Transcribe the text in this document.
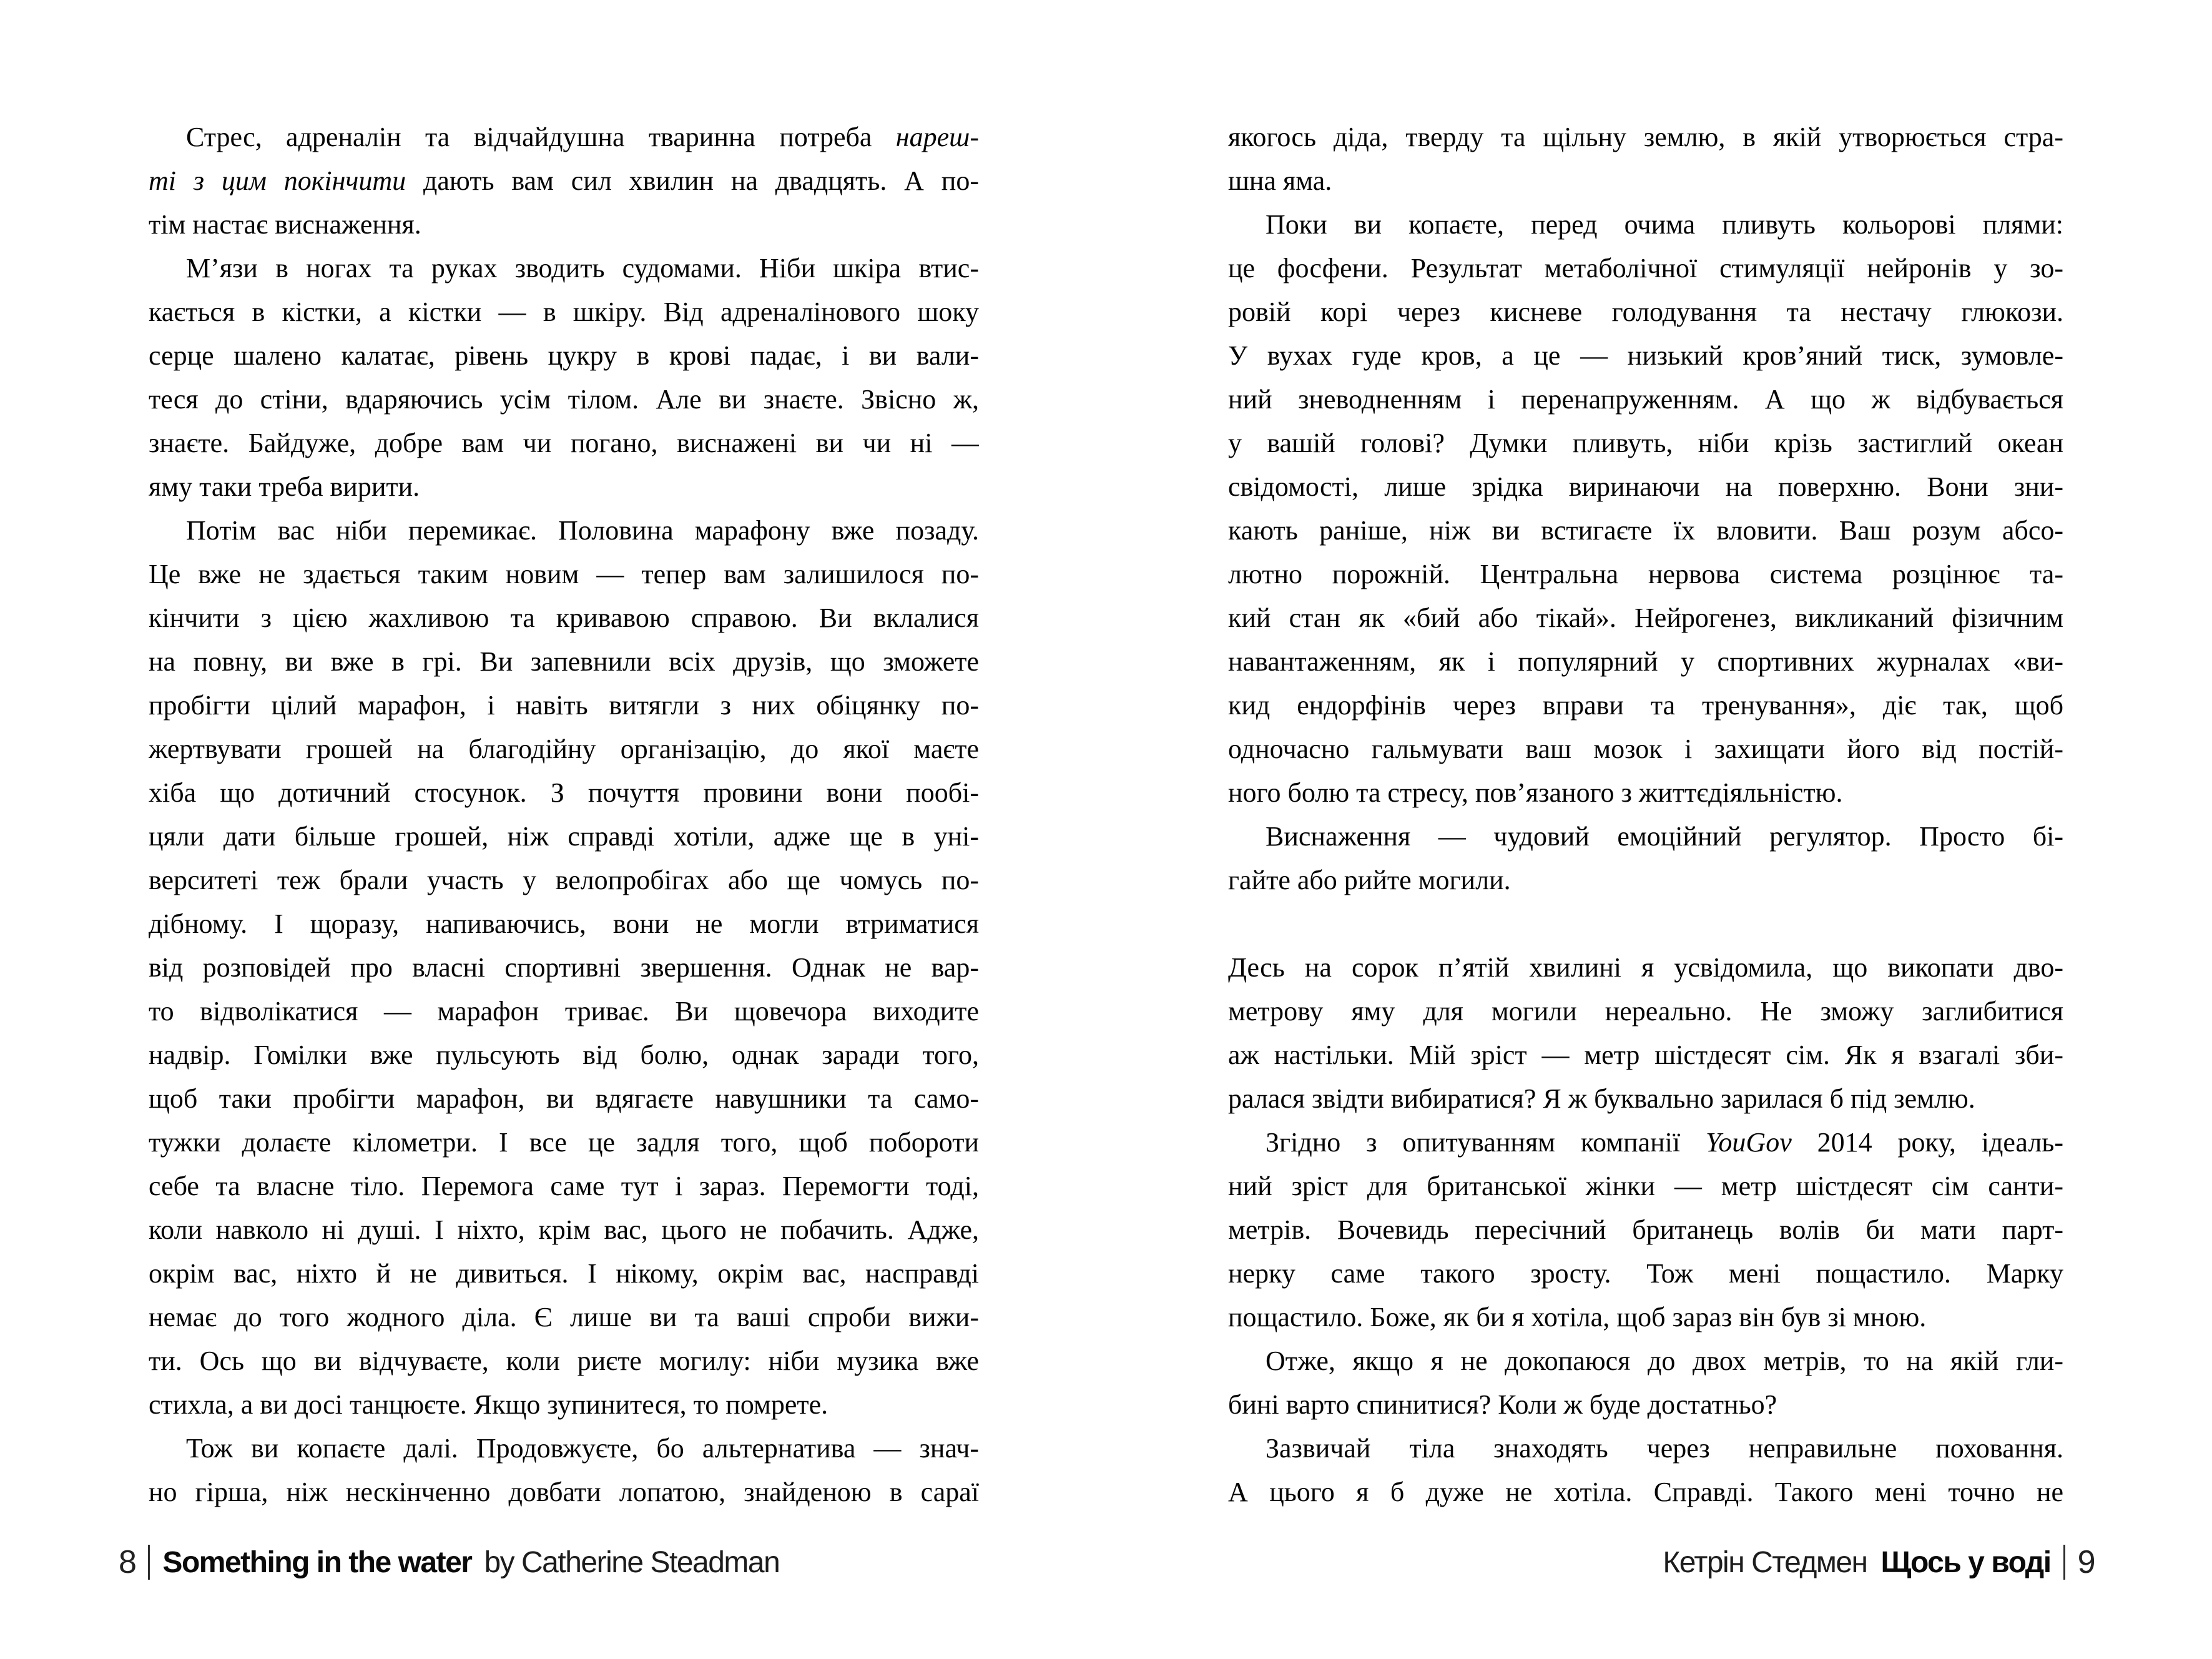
Стрес, адреналін та відчайдушна тваринна потреба нареш-
ті з цим покінчити дають вам сил хвилин на двадцять. А по-
тім настає виснаження.
М’язи в ногах та руках зводить судомами. Ніби шкіра втис-
кається в кістки, а кістки — в шкіру. Від адреналінового шоку
серце шалено калатає, рівень цукру в крові падає, і ви вали-
теся до стіни, вдаряючись усім тілом. Але ви знаєте. Звісно ж,
знаєте. Байдуже, добре вам чи погано, виснажені ви чи ні —
яму таки треба вирити.
Потім вас ніби перемикає. Половина марафону вже позаду.
Це вже не здається таким новим — тепер вам залишилося по-
кінчити з цією жахливою та кривавою справою. Ви вклалися
на повну, ви вже в грі. Ви запевнили всіх друзів, що зможете
пробігти цілий марафон, і навіть витягли з них обіцянку по-
жертвувати грошей на благодійну організацію, до якої маєте
хіба що дотичний стосунок. З почуття провини вони пообі-
цяли дати більше грошей, ніж справді хотіли, адже ще в уні-
верситеті теж брали участь у велопробігах або ще чомусь по-
дібному. І щоразу, напиваючись, вони не могли втриматися
від розповідей про власні спортивні звершення. Однак не вар-
то відволікатися — марафон триває. Ви щовечора виходите
надвір. Гомілки вже пульсують від болю, однак заради того,
щоб таки пробігти марафон, ви вдягаєте навушники та само-
тужки долаєте кілометри. І все це задля того, щоб побороти
себе та власне тіло. Перемога саме тут і зараз. Перемогти тоді,
коли навколо ні душі. І ніхто, крім вас, цього не побачить. Адже,
окрім вас, ніхто й не дивиться. І нікому, окрім вас, насправді
немає до того жодного діла. Є лише ви та ваші спроби вижи-
ти. Ось що ви відчуваєте, коли риєте могилу: ніби музика вже
стихла, а ви досі танцюєте. Якщо зупинитеся, то помрете.
Тож ви копаєте далі. Продовжуєте, бо альтернатива — знач-
но гірша, ніж нескінченно довбати лопатою, знайденою в сараї
8 Something in the water by Catherine Steadman
якогось діда, тверду та щільну землю, в якій утворюється стра-
шна яма.
Поки ви копаєте, перед очима пливуть кольорові плями:
це фосфени. Результат метаболічної стимуляції нейронів у зо-
ровій корі через кисневе голодування та нестачу глюкози.
У вухах гуде кров, а це — низький кров’яний тиск, зумовле-
ний зневодненням і перенапруженням. А що ж відбувається
у вашій голові? Думки пливуть, ніби крізь застиглий океан
свідомості, лише зрідка виринаючи на поверхню. Вони зни-
кають раніше, ніж ви встигаєте їх вловити. Ваш розум абсо-
лютно порожній. Центральна нервова система розцінює та-
кий стан як «бий або тікай». Нейрогенез, викликаний фізичним
навантаженням, як і популярний у спортивних журналах «ви-
кид ендорфінів через вправи та тренування», діє так, щоб
одночасно гальмувати ваш мозок і захищати його від постій-
ного болю та стресу, пов’язаного з життєдіяльністю.
Виснаження — чудовий емоційний регулятор. Просто бі-
гайте або рийте могили.
Десь на сорок п’ятій хвилині я усвідомила, що викопати дво-
метрову яму для могили нереально. Не зможу заглибитися
аж настільки. Мій зріст — метр шістдесят сім. Як я взагалі зби-
ралася звідти вибиратися? Я ж буквально зарилася б під землю.
Згідно з опитуванням компанії YouGov 2014 року, ідеаль-
ний зріст для британської жінки — метр шістдесят сім санти-
метрів. Вочевидь пересічний британець волів би мати парт-
нерку саме такого зросту. Тож мені пощастило. Марку
пощастило. Боже, як би я хотіла, щоб зараз він був зі мною.
Отже, якщо я не докопаюся до двох метрів, то на якій гли-
бині варто спинитися? Коли ж буде достатньо?
Зазвичай тіла знаходять через неправильне поховання.
А цього я б дуже не хотіла. Справді. Такого мені точно не
Кетрін Стедмен Щось у воді 9
